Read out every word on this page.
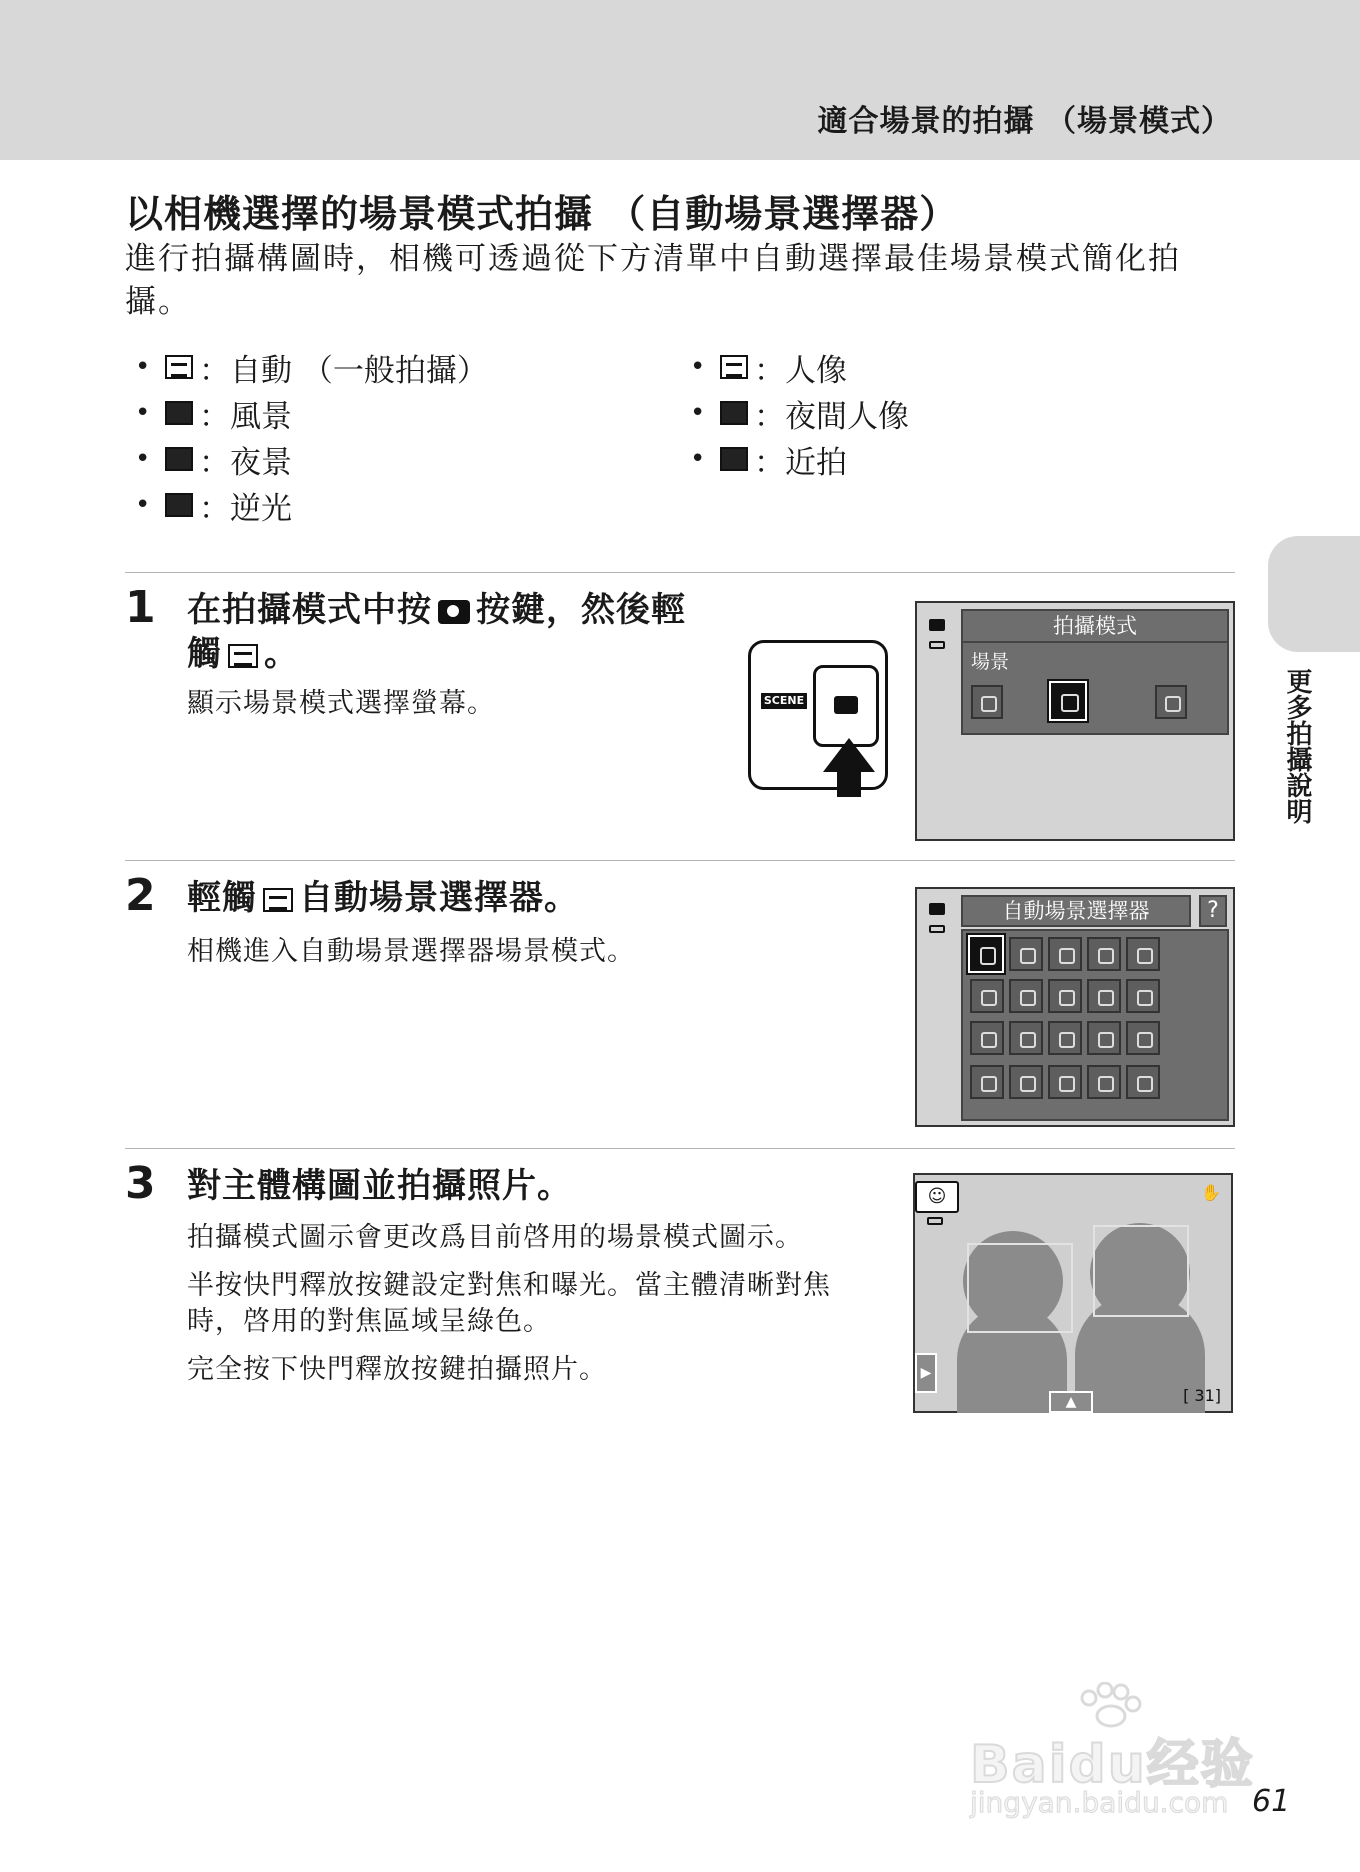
適合場景的拍攝 （場景模式）
以相機選擇的場景模式拍攝 （自動場景選擇器）

進行拍攝構圖時，相機可透過從下方清單中自動選擇最佳場景模式簡化拍攝。

•	：自動 （一般拍攝）
•	：風景
•	：夜景
•	：逆光
•	：人像
•	：夜間人像
•	：近拍
1 在拍攝模式中按 按鍵，然後輕
觸 。
顯示場景模式選擇螢幕。	SCENE
拍攝模式
場景
2 輕觸 自動場景選擇器。
相機進入自動場景選擇器場景模式。
自動場景選擇器	?
3 對主體構圖並拍攝照片。
拍攝模式圖示會更改爲目前啓用的場景模式圖示。
半按快門釋放按鍵設定對焦和曝光。當主體清晰對焦時，啓用的對焦區域呈綠色。
完全按下快門釋放按鍵拍攝照片。
☺	✋
▶
▲	[ 31]
更多拍攝說明
Baidu经验
jingyan.baidu.com 61
